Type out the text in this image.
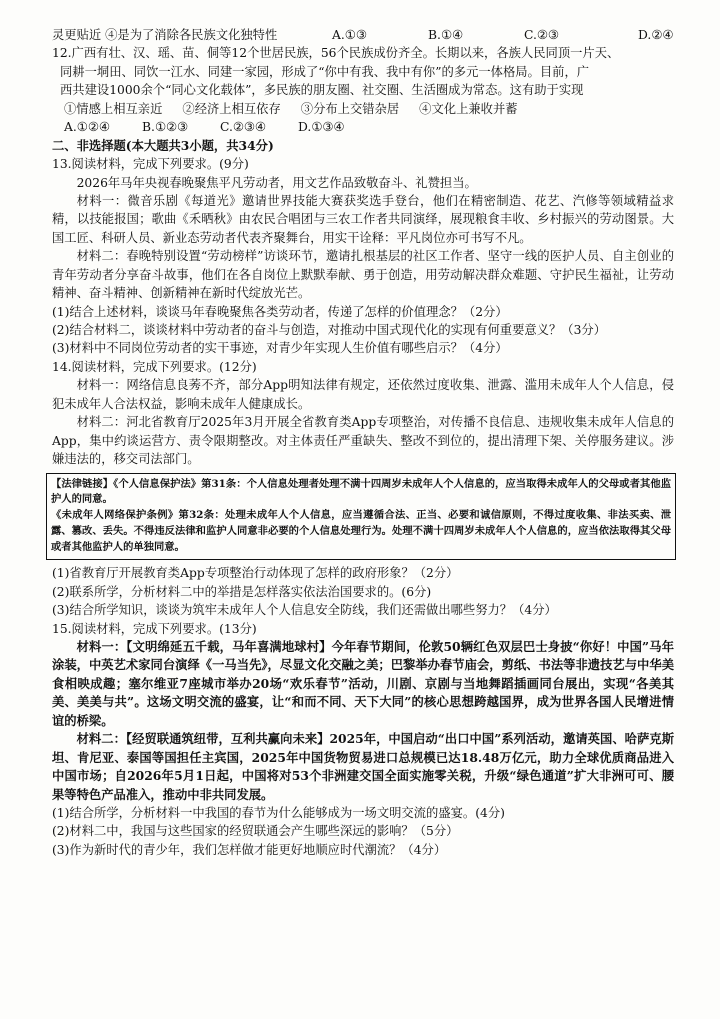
灵更贴近 ④是为了消除各民族文化独特性	A.①③	B.①④	C.②③	D.②④

12.广西有壮、汉、瑶、苗、侗等12个世居民族，56个民族成份齐全。长期以来，各族人民同顶一片天、

同耕一垌田、同饮一江水、同建一家园，形成了“你中有我、我中有你”的多元一体格局。目前，广

西共建设1000余个“同心文化载体”，多民族的朋友圈、社交圈、生活圈成为常态。这有助于实现

①情感上相互亲近 ②经济上相互依存 ③分布上交错杂居 ④文化上兼收并蓄
A.①②④	B.①②③	C.②③④	D.①③④

二、非选择题(本大题共3小题，共34分)

13.阅读材料，完成下列要求。(9分)

2026年马年央视春晚聚焦平凡劳动者，用文艺作品致敬奋斗、礼赞担当。

材料一：微音乐剧《每道光》邀请世界技能大赛获奖选手登台，他们在精密制造、花艺、汽修等领域精益求精，以技能报国；歌曲《禾晒秋》由农民合唱团与三农工作者共同演绎，展现粮食丰收、乡村振兴的劳动图景。大国工匠、科研人员、新业态劳动者代表齐聚舞台，用实干诠释：平凡岗位亦可书写不凡。

材料二：春晚特别设置“劳动榜样”访谈环节，邀请扎根基层的社区工作者、坚守一线的医护人员、自主创业的青年劳动者分享奋斗故事，他们在各自岗位上默默奉献、勇于创造，用劳动解决群众难题、守护民生福祉，让劳动精神、奋斗精神、创新精神在新时代绽放光芒。

(1)结合上述材料，谈谈马年春晚聚焦各类劳动者，传递了怎样的价值理念？（2分）

(2)结合材料二，谈谈材料中劳动者的奋斗与创造，对推动中国式现代化的实现有何重要意义？（3分）

(3)材料中不同岗位劳动者的实干事迹，对青少年实现人生价值有哪些启示？（4分）

14.阅读材料，完成下列要求。(12分)

材料一：网络信息良莠不齐，部分App明知法律有规定，还依然过度收集、泄露、滥用未成年人个人信息，侵犯未成年人合法权益，影响未成年人健康成长。

材料二：河北省教育厅2025年3月开展全省教育类App专项整治，对传播不良信息、违规收集未成年人信息的App，集中约谈运营方、责令限期整改。对主体责任严重缺失、整改不到位的，提出清理下架、关停服务建议。涉嫌违法的，移交司法部门。

【法律链接】《个人信息保护法》第31条：个人信息处理者处理不满十四周岁未成年人个人信息的，应当取得未成年人的父母或者其他监护人的同意。

《未成年人网络保护条例》第32条：处理未成年人个人信息，应当遵循合法、正当、必要和诚信原则，不得过度收集、非法买卖、泄露、篡改、丢失。不得违反法律和监护人同意非必要的个人信息处理行为。处理不满十四周岁未成年人个人信息的，应当依法取得其父母或者其他监护人的单独同意。

(1)省教育厅开展教育类App专项整治行动体现了怎样的政府形象？（2分）

(2)联系所学，分析材料二中的举措是怎样落实依法治国要求的。(6分)

(3)结合所学知识，谈谈为筑牢未成年人个人信息安全防线，我们还需做出哪些努力？（4分）

15.阅读材料，完成下列要求。(13分)

材料一：【文明绵延五千载，马年喜满地球村】今年春节期间，伦敦50辆红色双层巴士身披“你好！中国”马年涂装，中英艺术家同台演绎《一马当先》，尽显文化交融之美；巴黎举办春节庙会，剪纸、书法等非遗技艺与中华美食相映成趣；塞尔维亚7座城市举办20场“欢乐春节”活动，川剧、京剧与当地舞蹈插画同台展出，实现“各美其美、美美与共”。这场文明交流的盛宴，让“和而不同、天下大同”的核心思想跨越国界，成为世界各国人民增进情谊的桥梁。

材料二：【经贸联通筑纽带，互利共赢向未来】2025年，中国启动“出口中国”系列活动，邀请英国、哈萨克斯坦、肯尼亚、泰国等国担任主宾国，2025年中国货物贸易进口总规模已达18.48万亿元，助力全球优质商品进入中国市场；自2026年5月1日起，中国将对53个非洲建交国全面实施零关税，升级“绿色通道”扩大非洲可可、腰果等特色产品准入，推动中非共同发展。

(1)结合所学，分析材料一中我国的春节为什么能够成为一场文明交流的盛宴。(4分)

(2)材料二中，我国与这些国家的经贸联通会产生哪些深远的影响？（5分）

(3)作为新时代的青少年，我们怎样做才能更好地顺应时代潮流？（4分）
